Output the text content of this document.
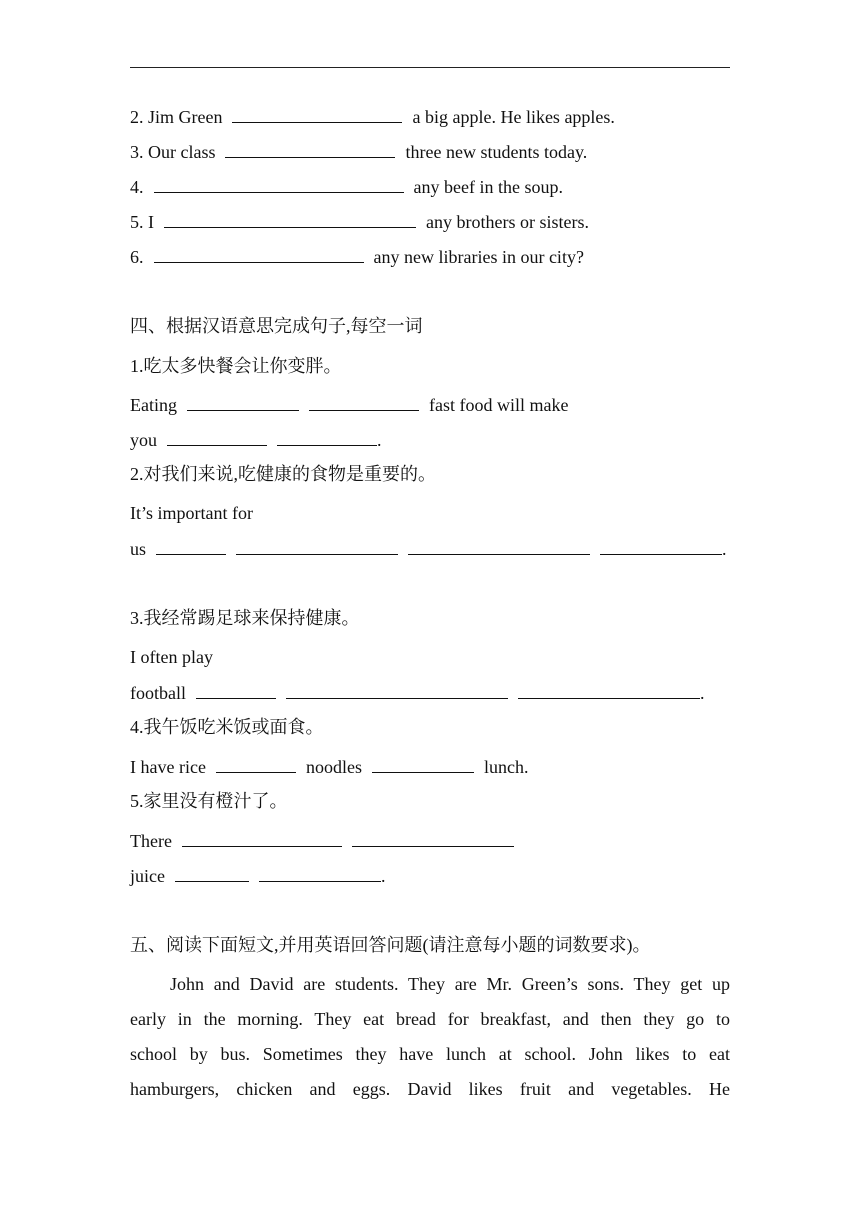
2. Jim Green	a big apple. He likes apples.
3. Our class	three new students today.
4.	any beef in the soup.
5. I	any brothers or sisters.
6.	any new libraries in our city?
四、根据汉语意思完成句子,每空一词
1.吃太多快餐会让你变胖。
Eating	fast food will make
you	.
2.对我们来说,吃健康的食物是重要的。
It’s important for
us	.
3.我经常踢足球来保持健康。
I often play
football	.
4.我午饭吃米饭或面食。
I have rice	noodles	lunch.
5.家里没有橙汁了。
There
juice	.
五、阅读下面短文,并用英语回答问题(请注意每小题的词数要求)。
John and David are students. They are Mr. Green’s sons. They get up
early in the morning. They eat bread for breakfast, and then they go to
school by bus. Sometimes they have lunch at school. John likes to eat
hamburgers, chicken and eggs. David likes fruit and vegetables. He
